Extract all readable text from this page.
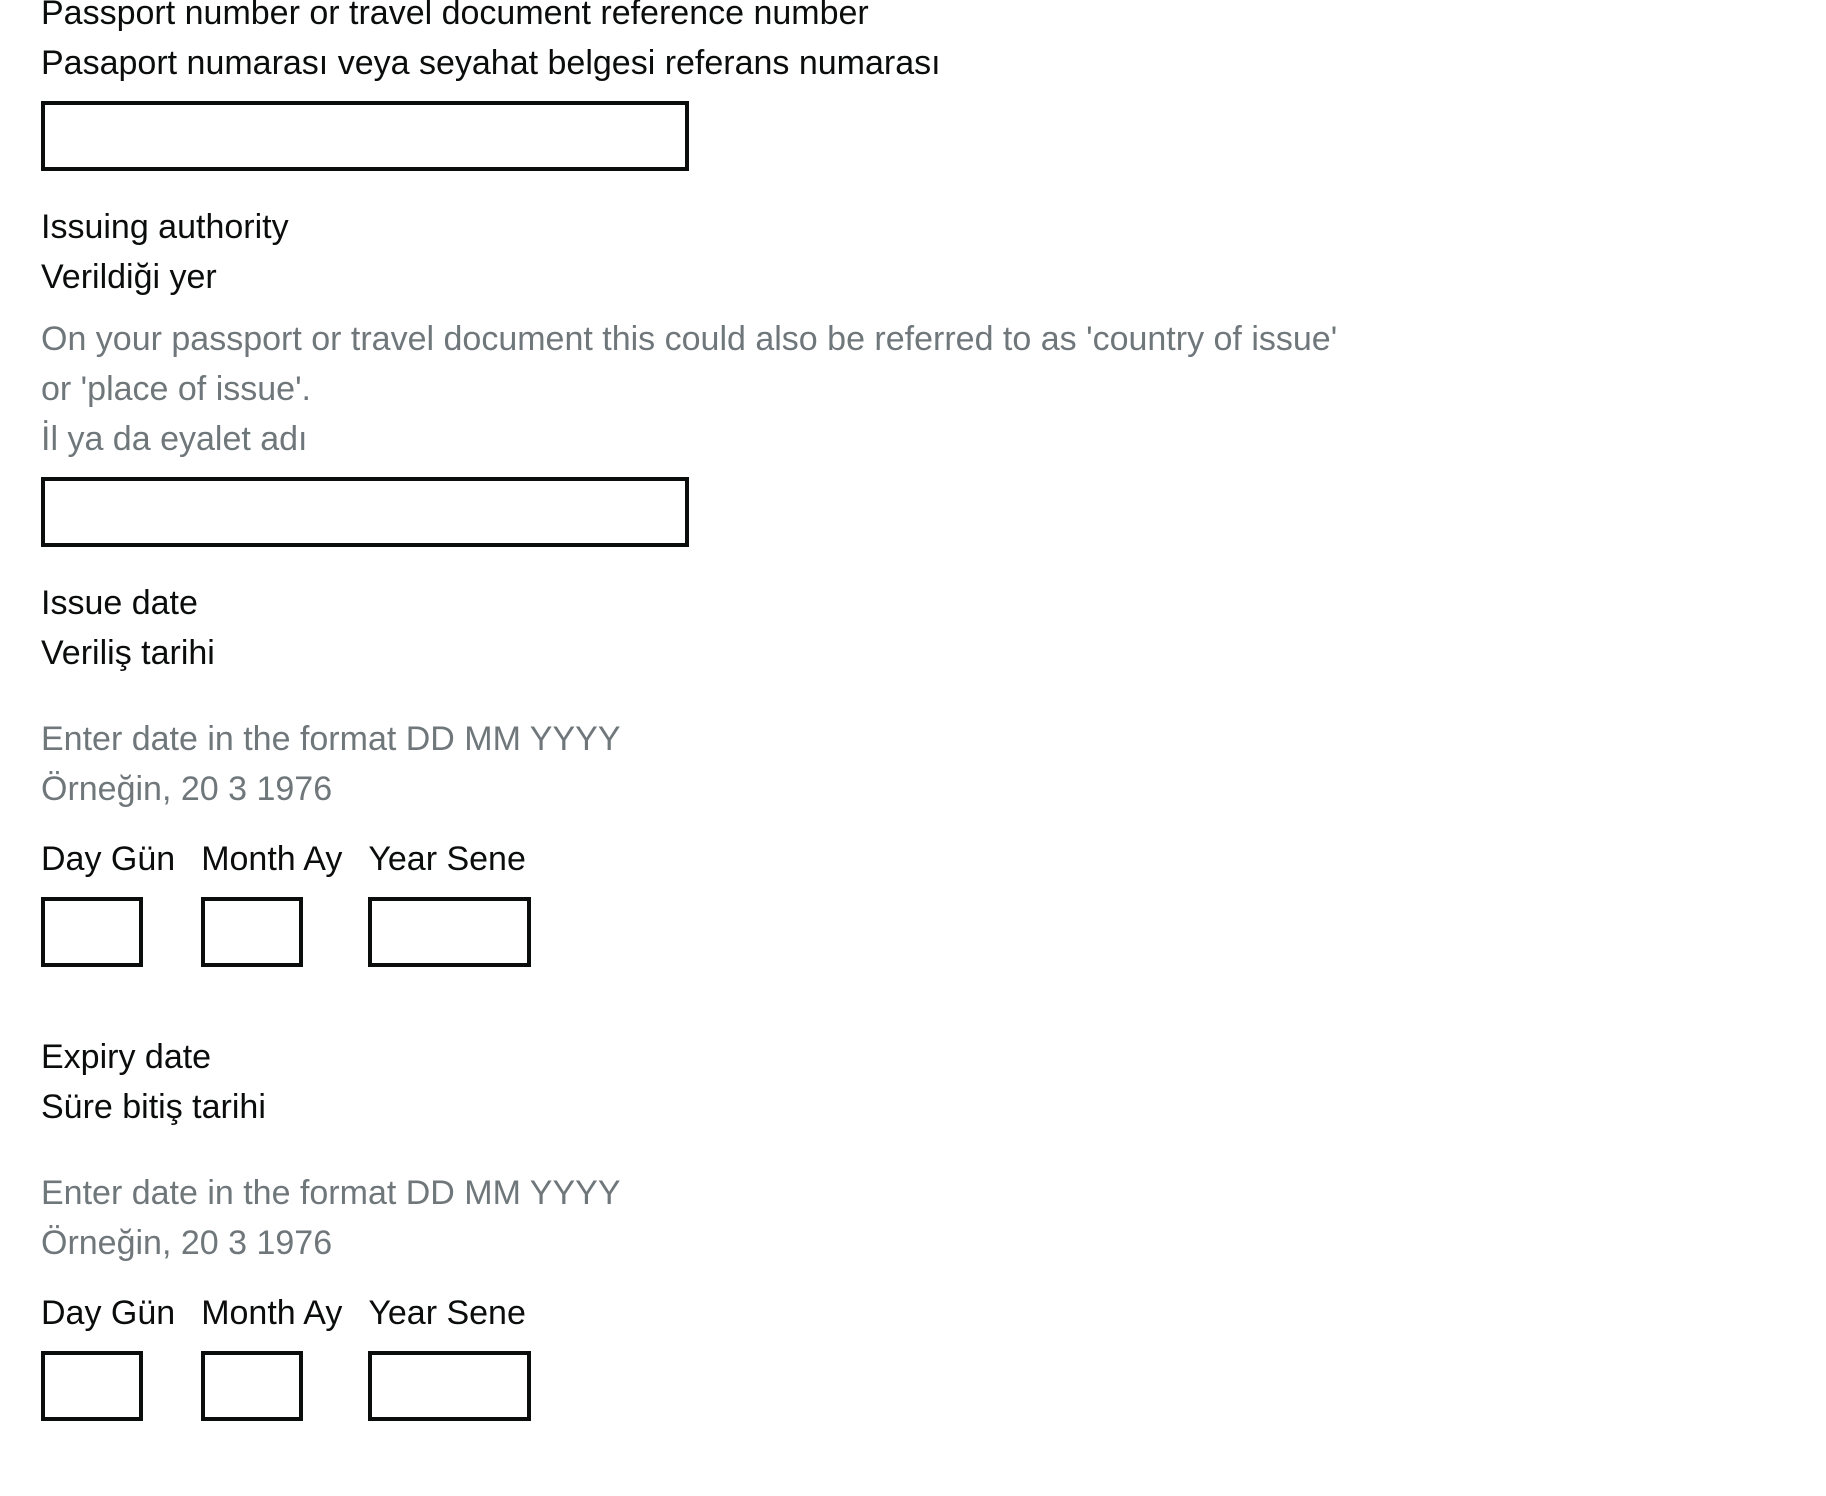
Passport number or travel document reference number
Pasaport numarası veya seyahat belgesi referans numarası
Issuing authority
Verildiği yer
On your passport or travel document this could also be referred to as 'country of issue' or 'place of issue'.
İl ya da eyalet adı
Issue date
Veriliş tarihi
Enter date in the format DD MM YYYY
Örneğin, 20 3 1976
Day Gün Month Ay Year Sene
Expiry date
Süre bitiş tarihi
Enter date in the format DD MM YYYY
Örneğin, 20 3 1976
Day Gün Month Ay Year Sene
